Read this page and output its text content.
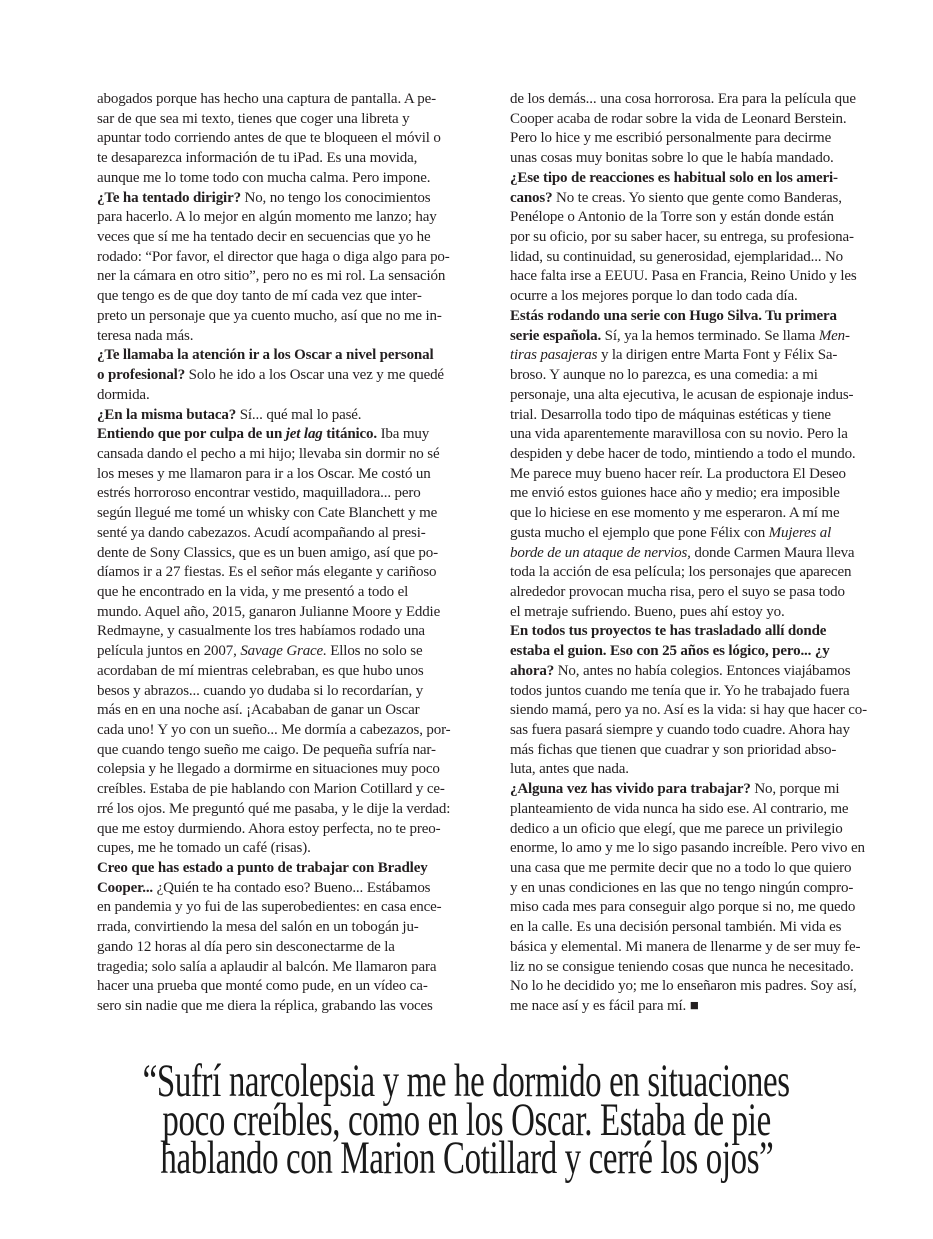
abogados porque has hecho una captura de pantalla. A pe-
sar de que sea mi texto, tienes que coger una libreta y
apuntar todo corriendo antes de que te bloqueen el móvil o
te desaparezca información de tu iPad. Es una movida,
aunque me lo tome todo con mucha calma. Pero impone.
¿Te ha tentado dirigir? No, no tengo los conocimientos
para hacerlo. A lo mejor en algún momento me lanzo; hay
veces que sí me ha tentado decir en secuencias que yo he
rodado: “Por favor, el director que haga o diga algo para po-
ner la cámara en otro sitio”, pero no es mi rol. La sensación
que tengo es de que doy tanto de mí cada vez que inter-
preto un personaje que ya cuento mucho, así que no me in-
teresa nada más.
¿Te llamaba la atención ir a los Oscar a nivel personal
o profesional? Solo he ido a los Oscar una vez y me quedé
dormida.
¿En la misma butaca? Sí... qué mal lo pasé.
Entiendo que por culpa de un jet lag titánico. Iba muy
cansada dando el pecho a mi hijo; llevaba sin dormir no sé
los meses y me llamaron para ir a los Oscar. Me costó un
estrés horroroso encontrar vestido, maquilladora... pero
según llegué me tomé un whisky con Cate Blanchett y me
senté ya dando cabezazos. Acudí acompañando al presi-
dente de Sony Classics, que es un buen amigo, así que po-
díamos ir a 27 fiestas. Es el señor más elegante y cariñoso
que he encontrado en la vida, y me presentó a todo el
mundo. Aquel año, 2015, ganaron Julianne Moore y Eddie
Redmayne, y casualmente los tres habíamos rodado una
película juntos en 2007, Savage Grace. Ellos no solo se
acordaban de mí mientras celebraban, es que hubo unos
besos y abrazos... cuando yo dudaba si lo recordarían, y
más en en una noche así. ¡Acababan de ganar un Oscar
cada uno! Y yo con un sueño... Me dormía a cabezazos, por-
que cuando tengo sueño me caigo. De pequeña sufría nar-
colepsia y he llegado a dormirme en situaciones muy poco
creíbles. Estaba de pie hablando con Marion Cotillard y ce-
rré los ojos. Me preguntó qué me pasaba, y le dije la verdad:
que me estoy durmiendo. Ahora estoy perfecta, no te preo-
cupes, me he tomado un café (risas).
Creo que has estado a punto de trabajar con Bradley
Cooper... ¿Quién te ha contado eso? Bueno... Estábamos
en pandemia y yo fui de las superobedientes: en casa ence-
rrada, convirtiendo la mesa del salón en un tobogán ju-
gando 12 horas al día pero sin desconectarme de la
tragedia; solo salía a aplaudir al balcón. Me llamaron para
hacer una prueba que monté como pude, en un vídeo ca-
sero sin nadie que me diera la réplica, grabando las voces
de los demás... una cosa horrorosa. Era para la película que
Cooper acaba de rodar sobre la vida de Leonard Berstein.
Pero lo hice y me escribió personalmente para decirme
unas cosas muy bonitas sobre lo que le había mandado.
¿Ese tipo de reacciones es habitual solo en los ameri-
canos? No te creas. Yo siento que gente como Banderas,
Penélope o Antonio de la Torre son y están donde están
por su oficio, por su saber hacer, su entrega, su profesiona-
lidad, su continuidad, su generosidad, ejemplaridad... No
hace falta irse a EEUU. Pasa en Francia, Reino Unido y les
ocurre a los mejores porque lo dan todo cada día.
Estás rodando una serie con Hugo Silva. Tu primera
serie española. Sí, ya la hemos terminado. Se llama Men-
tiras pasajeras y la dirigen entre Marta Font y Félix Sa-
broso. Y aunque no lo parezca, es una comedia: a mi
personaje, una alta ejecutiva, le acusan de espionaje indus-
trial. Desarrolla todo tipo de máquinas estéticas y tiene
una vida aparentemente maravillosa con su novio. Pero la
despiden y debe hacer de todo, mintiendo a todo el mundo.
Me parece muy bueno hacer reír. La productora El Deseo
me envió estos guiones hace año y medio; era imposible
que lo hiciese en ese momento y me esperaron. A mí me
gusta mucho el ejemplo que pone Félix con Mujeres al
borde de un ataque de nervios, donde Carmen Maura lleva
toda la acción de esa película; los personajes que aparecen
alrededor provocan mucha risa, pero el suyo se pasa todo
el metraje sufriendo. Bueno, pues ahí estoy yo.
En todos tus proyectos te has trasladado allí donde
estaba el guion. Eso con 25 años es lógico, pero... ¿y
ahora? No, antes no había colegios. Entonces viajábamos
todos juntos cuando me tenía que ir. Yo he trabajado fuera
siendo mamá, pero ya no. Así es la vida: si hay que hacer co-
sas fuera pasará siempre y cuando todo cuadre. Ahora hay
más fichas que tienen que cuadrar y son prioridad abso-
luta, antes que nada.
¿Alguna vez has vivido para trabajar? No, porque mi
planteamiento de vida nunca ha sido ese. Al contrario, me
dedico a un oficio que elegí, que me parece un privilegio
enorme, lo amo y me lo sigo pasando increíble. Pero vivo en
una casa que me permite decir que no a todo lo que quiero
y en unas condiciones en las que no tengo ningún compro-
miso cada mes para conseguir algo porque si no, me quedo
en la calle. Es una decisión personal también. Mi vida es
básica y elemental. Mi manera de llenarme y de ser muy fe-
liz no se consigue teniendo cosas que nunca he necesitado.
No lo he decidido yo; me lo enseñaron mis padres. Soy así,
me nace así y es fácil para mí. ■
“Sufrí narcolepsia y me he dormido en situaciones
poco creíbles, como en los Oscar. Estaba de pie
hablando con Marion Cotillard y cerré los ojos”
